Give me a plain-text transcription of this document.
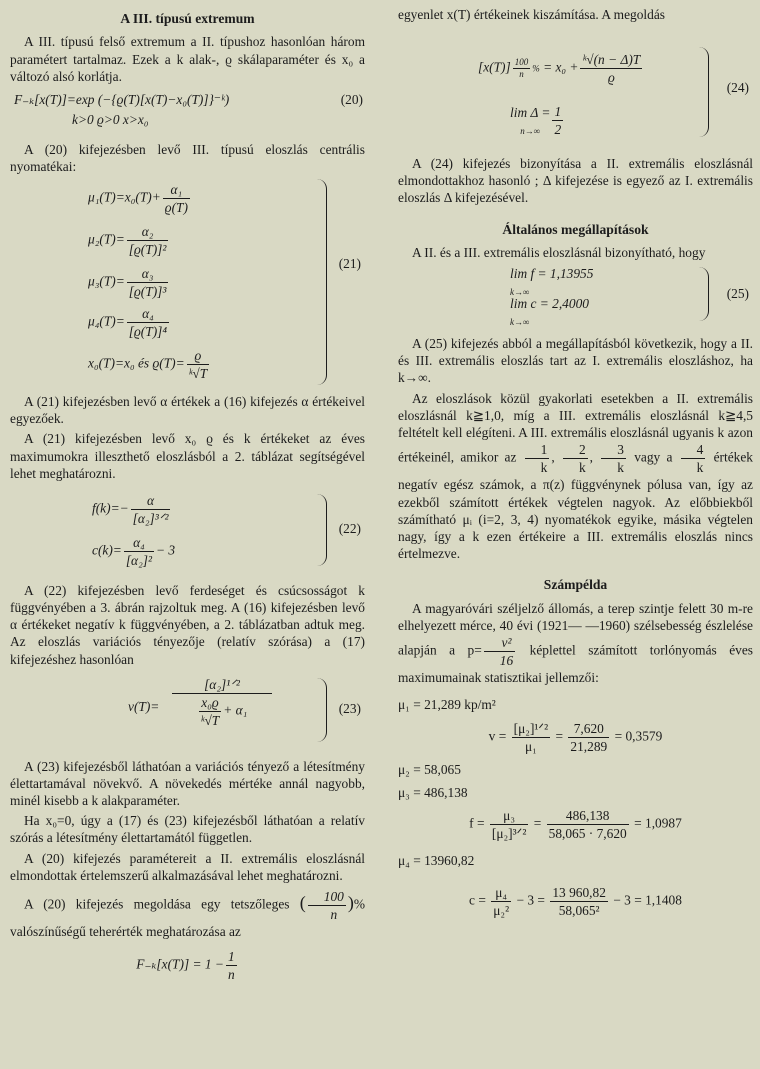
A III. típusú extremum

A III. típusú felső extremum a II. típushoz hasonlóan három paramétert tartalmaz. Ezek a k alak-, ϱ skálaparaméter és x₀ a változó alsó korlátja.

F₋ₖ[x(T)]=exp (−{ϱ(T)[x(T)−x₀(T)]}⁻ᵏ)
k>0 ϱ>0 x>x₀
(20)

A (20) kifejezésben levő III. típusú eloszlás centrális nyomatékai:

$\mu_1(T)=x_0(T)+ \frac{\text{α₁}}{ϱ(T)}$
$\mu_2(T)= \frac{\text{α₂}}{\text{[ϱ(T)]²}}$
$\mu_3(T)= \frac{\text{α₃}}{\text{[ϱ(T)]³}}$
$\mu_4(T)= \frac{\text{α₄}}{\text{[ϱ(T)]⁴}}$
x₀(T)=x₀ és $ϱ(T)= \frac{ϱ}{\text{ᵏ√T}}$
(21)

A (21) kifejezésben levő α értékek a (16) kifejezés α értékeivel egyezőek.

A (21) kifejezésben levő x₀ ϱ és k értékeket az éves maximumokra illeszthető eloszlásból a 2. táblázat segítségével lehet meghatározni.

$f(k)=- \frac{\alpha}{\text{[α₂]³ᐟ²}}$
$c(k)= \frac{\text{α₄}}{\text{[α₂]²}} - 3$
(22)

A (22) kifejezésben levő ferdeséget és csúcsosságot k függvényében a 3. ábrán rajzoltuk meg. A (16) kifejezésben levő α értékeket negatív k függvényében, a 2. táblázatban adtuk meg. Az eloszlás variációs tényezője (relatív szórása) a (17) kifejezéshez hasonlóan

v(T)=
[α₂]¹ᐟ²
$\frac{\text{x₀ϱ}}{\text{ᵏ√T}} + \alpha_1$	(23)

A (23) kifejezésből láthatóan a variációs tényező a létesítmény élettartamával növekvő. A növekedés mértéke annál nagyobb, minél kisebb a k alakparaméter.

Ha x₀=0, úgy a (17) és (23) kifejezésből láthatóan a relatív szórás a létesítmény élettartamától független.

A (20) kifejezés paramétereit a II. extremális eloszlásnál elmondottak értelemszerű alkalmazásával lehet meghatározni.

A (20) kifejezés megoldása egy tetszőleges ( $\frac{100}{n}$ )% valószínűségű teherérték meghatározása az

$F_{-k}[x(T)] = 1 - \frac{1}{n}$

egyenlet x(T) értékeinek kiszámítása. A megoldás

$[x(T)] \frac{100}{n}$ % = $x_0 + \frac{\text{ᵏ√(n − Δ)T}}{ϱ}$
lim Δ =
$n\to\infty \frac{1}{2}$
(24)

A (24) kifejezés bizonyítása a II. extremális eloszlásnál elmondottakhoz hasonló ; Δ kifejezése is egyező az I. extremális eloszlás Δ kifejezésével.

Általános megállapítások

A II. és a III. extremális eloszlásnál bizonyítható, hogy

lim f = 1,13955
k→∞
lim c = 2,4000
k→∞
(25)

A (25) kifejezés abból a megállapításból következik, hogy a II. és III. extremális eloszlás tart az I. extremális eloszláshoz, ha k→∞.

Az eloszlások közül gyakorlati esetekben a II. extremális eloszlásnál k≧1,0, míg a III. extremális eloszlásnál k≧4,5 feltételt kell elégíteni. A III. extremális eloszlásnál ugyanis k azon értékeinél, amikor az $\frac{1}{k}$ , $\frac{2}{k}$ , $\frac{3}{k}$ vagy a $\frac{4}{k}$ értékek negatív egész számok, a π(z) függvénynek pólusa van, így az ezekből számított értékek végtelen nagyok. Az előbbiekből számítható μᵢ (i=2, 3, 4) nyomatékok egyike, másika végtelen nagy, így a k ezen értékeire a III. extremális eloszlás nincs értelmezve.

Számpélda

A magyaróvári széljelző állomás, a terep szintje felett 30 m-re elhelyezett mérce, 40 évi (1921— —1960) szélsebesség észlelése alapján a $p= \frac{\text{v²}}{16}$ képlettel számított torlónyomás éves maximumainak statisztikai jellemzői:

μ₁ = 21,289 kp/m²
$v = \frac{\text{[μ₂]¹ᐟ²}}{\text{μ₁}} = \frac{7,620}{21,289} = 0,3579$
μ₂ = 58,065
μ₃ = 486,138
$f = \frac{\text{μ₃}}{\text{[μ₂]³ᐟ²}} = \frac{486,138}{58,065 \cdot 7,620} = 1,0987$
μ₄ = 13960,82
$c = \frac{\text{μ₄}}{\text{μ₂²}} - 3 = \frac{13 960,82}{\text{58,065²}} - 3 = 1,1408$
